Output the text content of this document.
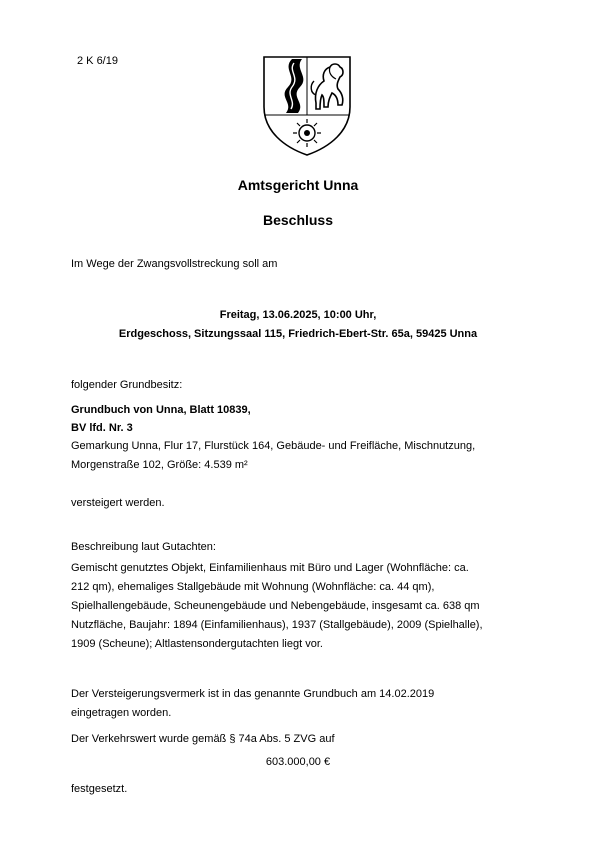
2 K 6/19
Amtsgericht Unna
Beschluss
Im Wege der Zwangsvollstreckung soll am
Freitag, 13.06.2025, 10:00 Uhr,
Erdgeschoss, Sitzungssaal 115, Friedrich-Ebert-Str. 65a, 59425 Unna
folgender Grundbesitz:
Grundbuch von Unna, Blatt 10839,
BV lfd. Nr. 3
Gemarkung Unna, Flur 17, Flurstück 164, Gebäude- und Freifläche, Mischnutzung,
Morgenstraße 102, Größe: 4.539 m²
versteigert werden.
Beschreibung laut Gutachten:
Gemischt genutztes Objekt, Einfamilienhaus mit Büro und Lager (Wohnfläche: ca.
212 qm), ehemaliges Stallgebäude mit Wohnung (Wohnfläche: ca. 44 qm),
Spielhallengebäude, Scheunengebäude und Nebengebäude, insgesamt ca. 638 qm
Nutzfläche, Baujahr: 1894 (Einfamilienhaus), 1937 (Stallgebäude), 2009 (Spielhalle),
1909 (Scheune); Altlastensondergutachten liegt vor.
Der Versteigerungsvermerk ist in das genannte Grundbuch am 14.02.2019
eingetragen worden.
Der Verkehrswert wurde gemäß § 74a Abs. 5 ZVG auf
603.000,00 €
festgesetzt.
